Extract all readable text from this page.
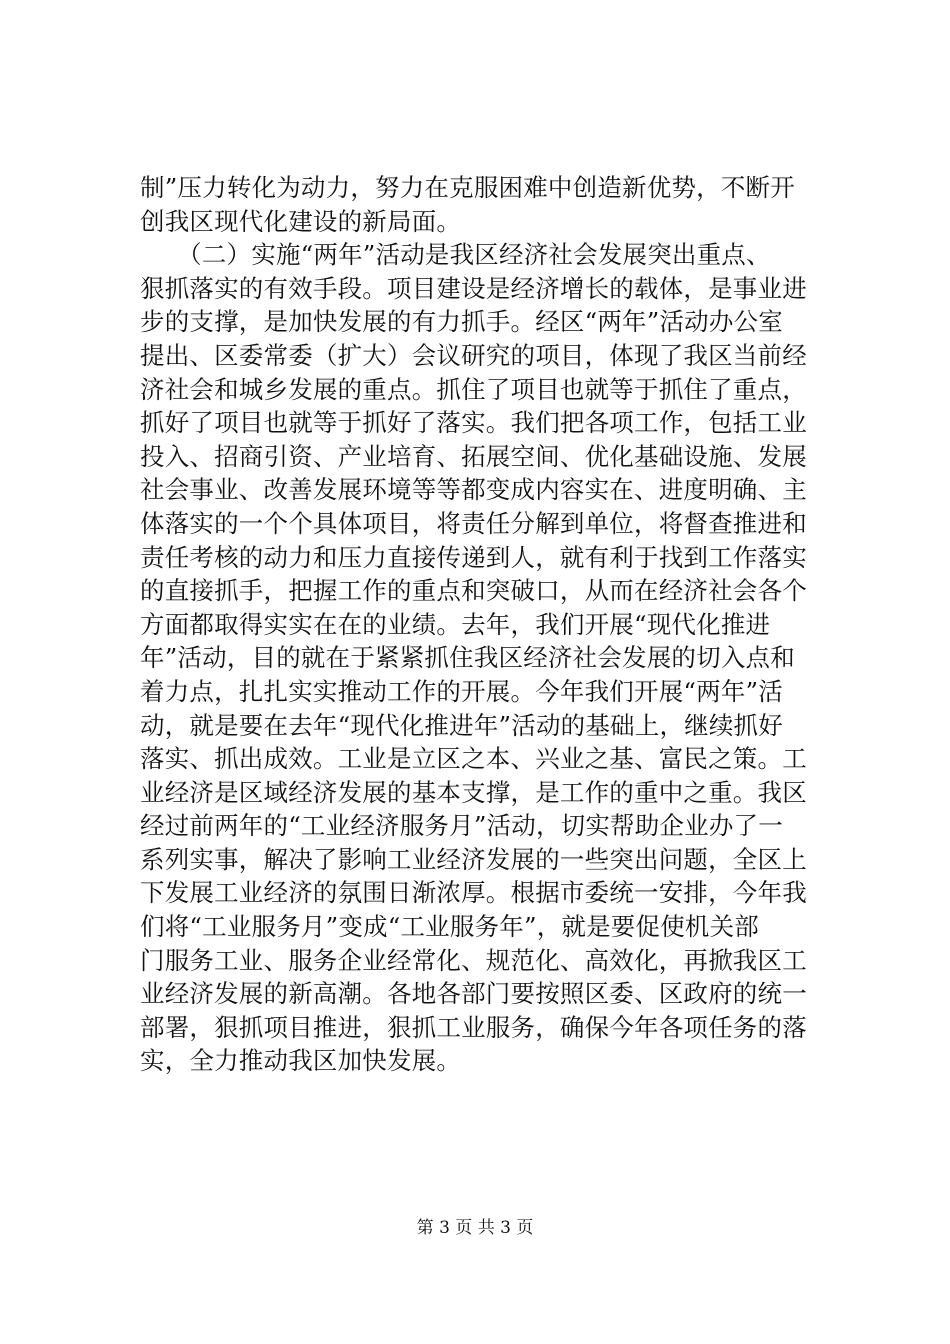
制”压力转化为动力，努力在克服困难中创造新优势，不断开
创我区现代化建设的新局面。
　　（二）实施“两年”活动是我区经济社会发展突出重点、
狠抓落实的有效手段。项目建设是经济增长的载体，是事业进
步的支撑，是加快发展的有力抓手。经区“两年”活动办公室
提出、区委常委（扩大）会议研究的项目，体现了我区当前经
济社会和城乡发展的重点。抓住了项目也就等于抓住了重点，
抓好了项目也就等于抓好了落实。我们把各项工作，包括工业
投入、招商引资、产业培育、拓展空间、优化基础设施、发展
社会事业、改善发展环境等等都变成内容实在、进度明确、主
体落实的一个个具体项目，将责任分解到单位，将督查推进和
责任考核的动力和压力直接传递到人，就有利于找到工作落实
的直接抓手，把握工作的重点和突破口，从而在经济社会各个
方面都取得实实在在的业绩。去年，我们开展“现代化推进
年”活动，目的就在于紧紧抓住我区经济社会发展的切入点和
着力点，扎扎实实推动工作的开展。今年我们开展“两年”活
动，就是要在去年“现代化推进年”活动的基础上，继续抓好
落实、抓出成效。工业是立区之本、兴业之基、富民之策。工
业经济是区域经济发展的基本支撑，是工作的重中之重。我区
经过前两年的“工业经济服务月”活动，切实帮助企业办了一
系列实事，解决了影响工业经济发展的一些突出问题，全区上
下发展工业经济的氛围日渐浓厚。根据市委统一安排，今年我
们将“工业服务月”变成“工业服务年”，就是要促使机关部
门服务工业、服务企业经常化、规范化、高效化，再掀我区工
业经济发展的新高潮。各地各部门要按照区委、区政府的统一
部署，狠抓项目推进，狠抓工业服务，确保今年各项任务的落
实，全力推动我区加快发展。
第 3 页 共 3 页
